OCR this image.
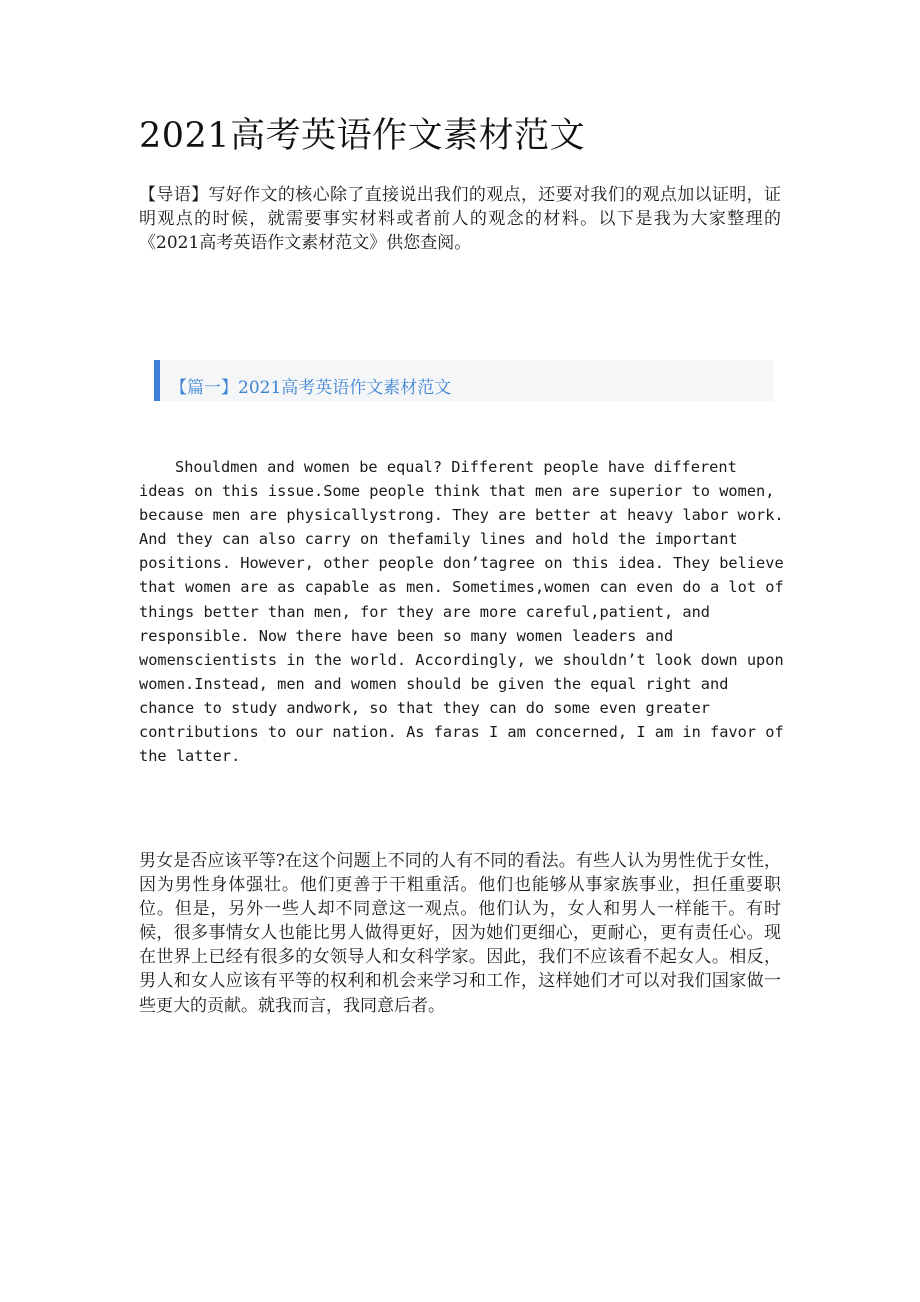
2021高考英语作文素材范文

【导语】写好作文的核心除了直接说出我们的观点，还要对我们的观点加以证明，证明观点的时候，就需要事实材料或者前人的观念的材料。以下是我为大家整理的《2021高考英语作文素材范文》供您查阅。

【篇一】2021高考英语作文素材范文

Shouldmen and women be equal? Different people have different ideas on this issue.Some people think that men are superior to women, because men are physicallystrong. They are better at heavy labor work. And they can also carry on thefamily lines and hold the important positions. However, other people don’tagree on this idea. They believe that women are as capable as men. Sometimes,women can even do a lot of things better than men, for they are more careful,patient, and responsible. Now there have been so many women leaders and womenscientists in the world. Accordingly, we shouldn’t look down upon women.Instead, men and women should be given the equal right and chance to study andwork, so that they can do some even greater contributions to our nation. As faras I am concerned, I am in favor of the latter.

男女是否应该平等?在这个问题上不同的人有不同的看法。有些人认为男性优于女性，因为男性身体强壮。他们更善于干粗重活。他们也能够从事家族事业，担任重要职位。但是，另外一些人却不同意这一观点。他们认为，女人和男人一样能干。有时候，很多事情女人也能比男人做得更好，因为她们更细心，更耐心，更有责任心。现在世界上已经有很多的女领导人和女科学家。因此，我们不应该看不起女人。相反，男人和女人应该有平等的权利和机会来学习和工作，这样她们才可以对我们国家做一些更大的贡献。就我而言，我同意后者。
